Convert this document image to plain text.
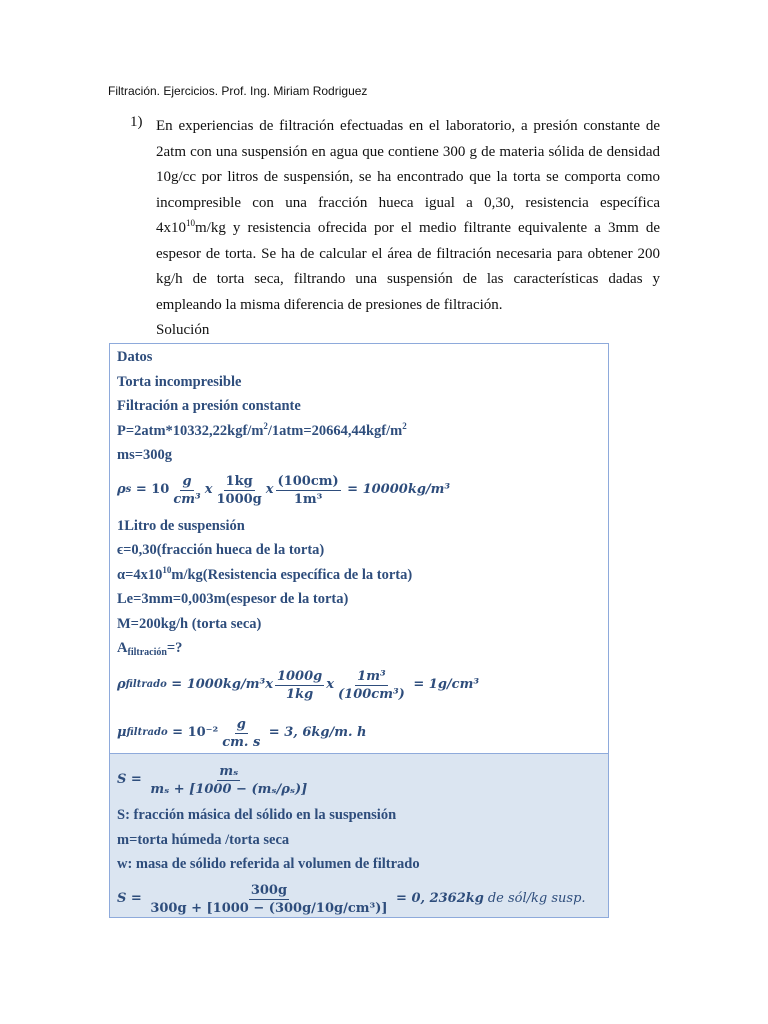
Filtración. Ejercicios. Prof. Ing. Miriam Rodriguez
1) En experiencias de filtración efectuadas en el laboratorio, a presión constante de 2atm con una suspensión en agua que contiene 300 g de materia sólida de densidad 10g/cc por litros de suspensión, se ha encontrado que la torta se comporta como incompresible con una fracción hueca igual a 0,30, resistencia específica $4x10^{10}m/kg$ y resistencia ofrecida por el medio filtrante equivalente a 3mm de espesor de torta. Se ha de calcular el área de filtración necesaria para obtener 200 kg/h de torta seca, filtrando una suspensión de las características dadas y empleando la misma diferencia de presiones de filtración.
Solución
Datos
Torta incompresible
Filtración a presión constante
$P=2atm*10332,22kgf/m^2/1atm=20664,44kgf/m^2$
ms=300g
ρ $s = 10 \frac{g}{\text{cm³}}$ x $\frac{1kg}{1000g}$ x $\frac{(100cm)}{\text{1m³}} = 10000kg/m^3$
1Litro de suspensión
ϵ=0,30(fracción hueca de la torta)
$\alpha=4x10^{10}m/kg(Resistencia$ específica de la torta)
Le=3mm=0,003m(espesor de la torta)
M=200kg/h (torta seca)
$A_{filtración}=$?
ρ filtrado = 1000kg/m³ x $\frac{1000g}{1kg}$ x $\frac{\text{1m³}}{\text{(100cm³)}} = 1g/cm^3$
μ filtrado = $10^{-2} \frac{g}{cm. s} = 3$, 6kg/m. h
$S = \frac{\text{mₛ}}{\text{mₛ + [1000 − (mₛ/ρₛ)]}}$
S: fracción másica del sólido en la suspensión
m=torta húmeda /torta seca
w: masa de sólido referida al volumen de filtrado
$S = \frac{300g}{\text{300g + [1000 − (300g/10g/cm³)]}} = 0$, 2362kg de sól/kg susp.
